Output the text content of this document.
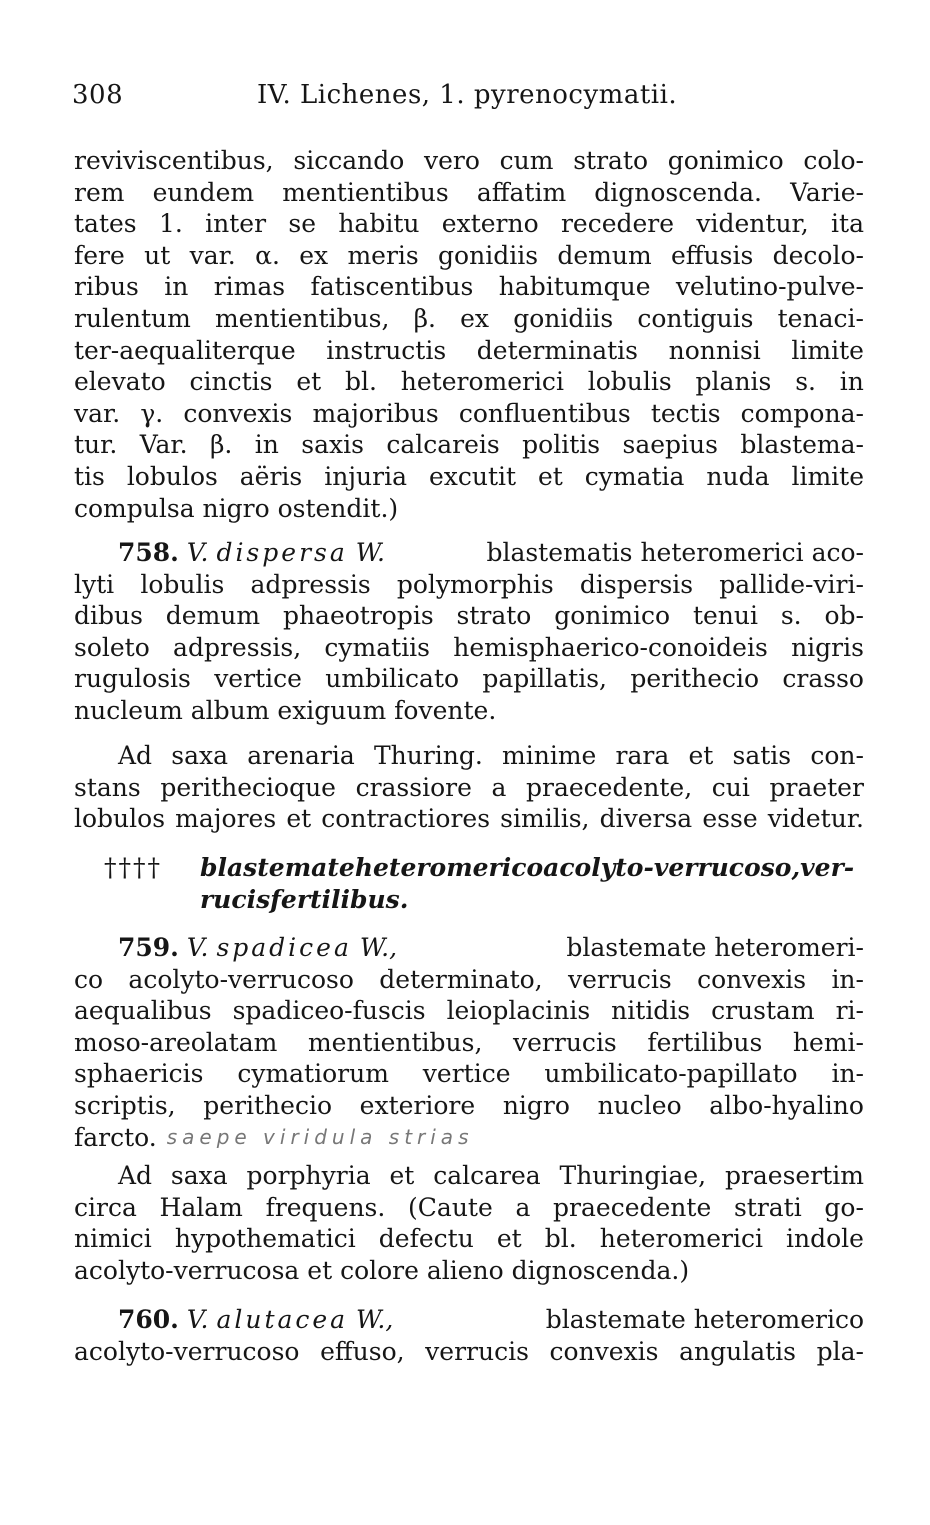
308	IV. Lichenes, 1. pyrenocymatii.
reviviscentibus, siccando vero cum strato gonimico colo-
rem eundem mentientibus affatim dignoscenda. Varie-
tates 1. inter se habitu externo recedere videntur, ita
fere ut var. α. ex meris gonidiis demum effusis decolo-
ribus in rimas fatiscentibus habitumque velutino-pulve-
rulentum mentientibus, β. ex gonidiis contiguis tenaci-
ter-aequaliterque instructis determinatis nonnisi limite
elevato cinctis et bl. heteromerici lobulis planis s. in
var. γ. convexis majoribus confluentibus tectis compona-
tur. Var. β. in saxis calcareis politis saepius blastema-
tis lobulos aëris injuria excutit et cymatia nuda limite
compulsa nigro ostendit.)
758. V. dispersa W.	blastematis heteromerici aco-
lyti lobulis adpressis polymorphis dispersis pallide-viri-
dibus demum phaeotropis strato gonimico tenui s. ob-
soleto adpressis, cymatiis hemisphaerico-conoideis nigris
rugulosis vertice umbilicato papillatis, perithecio crasso
nucleum album exiguum fovente.
Ad saxa arenaria Thuring. minime rara et satis con-
stans perithecioque crassiore a praecedente, cui praeter
lobulos majores et contractiores similis, diversa esse videtur.
†††† blastemate heteromerico acolyto-verrucoso, ver-
rucis fertilibus.
759. V. spadicea W.,	blastemate heteromeri-
co acolyto-verrucoso determinato, verrucis convexis in-
aequalibus spadiceo-fuscis leioplacinis nitidis crustam ri-
moso-areolatam mentientibus, verrucis fertilibus hemi-
sphaericis cymatiorum vertice umbilicato-papillato in-
scriptis, perithecio exteriore nigro nucleo albo-hyalino
farcto. saepe viridula strias
Ad saxa porphyria et calcarea Thuringiae, praesertim
circa Halam frequens. (Caute a praecedente strati go-
nimici hypothematici defectu et bl. heteromerici indole
acolyto-verrucosa et colore alieno dignoscenda.)
760. V. alutacea W.,	blastemate heteromerico
acolyto-verrucoso effuso, verrucis convexis angulatis pla-
